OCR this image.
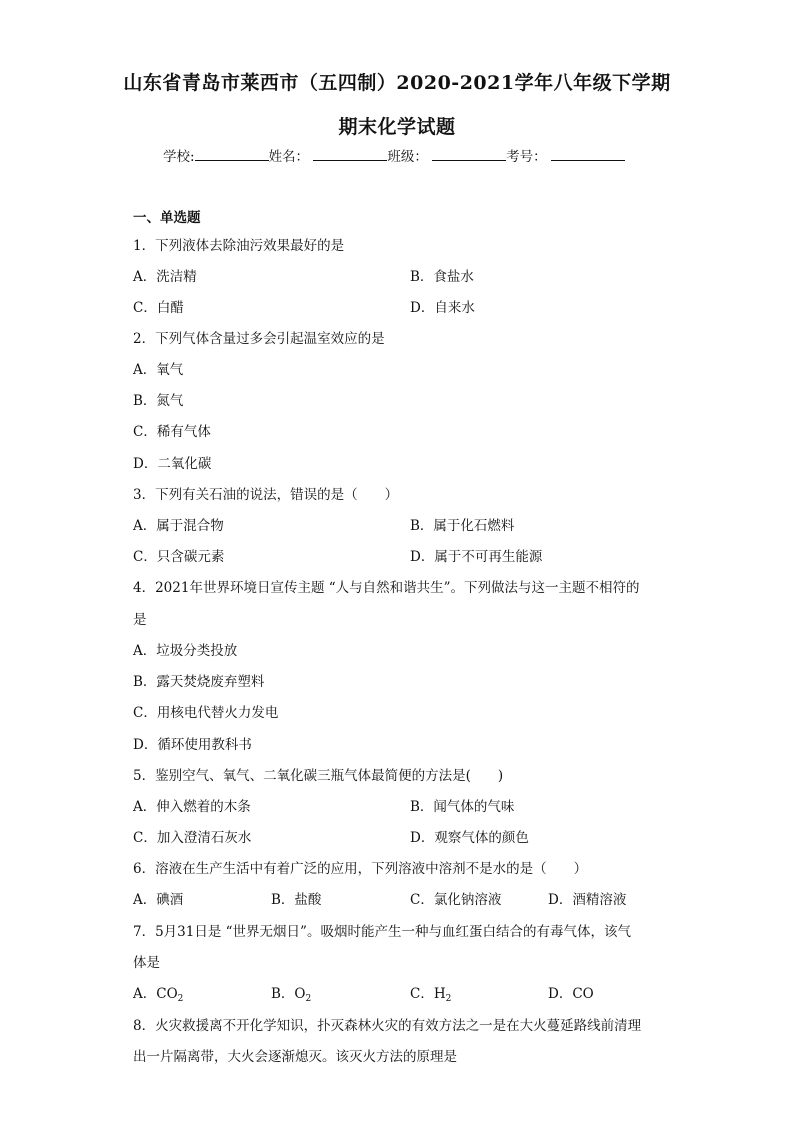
山东省青岛市莱西市（五四制）2020-2021学年八年级下学期
期末化学试题
学校:	姓名：	班级：	考号：
一、单选题
1．下列液体去除油污效果最好的是
A．洗洁精	B．食盐水
C．白醋	D．自来水
2．下列气体含量过多会引起温室效应的是
A．氧气
B．氮气
C．稀有气体
D．二氧化碳
3．下列有关石油的说法，错误的是（　　）
A．属于混合物	B．属于化石燃料
C．只含碳元素	D．属于不可再生能源
4．2021年世界环境日宣传主题 “人与自然和谐共生”。下列做法与这一主题不相符的
是
A．垃圾分类投放
B．露天焚烧废弃塑料
C．用核电代替火力发电
D．循环使用教科书
5．鉴别空气、氧气、二氧化碳三瓶气体最简便的方法是(　　)
A．伸入燃着的木条	B．闻气体的气味
C．加入澄清石灰水	D．观察气体的颜色
6．溶液在生产生活中有着广泛的应用，下列溶液中溶剂不是水的是（　　）
A．碘酒	B．盐酸	C．氯化钠溶液	D．酒精溶液
7．5月31日是 “世界无烟日”。吸烟时能产生一种与血红蛋白结合的有毒气体，该气
体是
A．$CO_2$	B．$O_2$	C．$H_2$	D．CO
8．火灾救援离不开化学知识，扑灭森林火灾的有效方法之一是在大火蔓延路线前清理
出一片隔离带，大火会逐渐熄灭。该灭火方法的原理是
